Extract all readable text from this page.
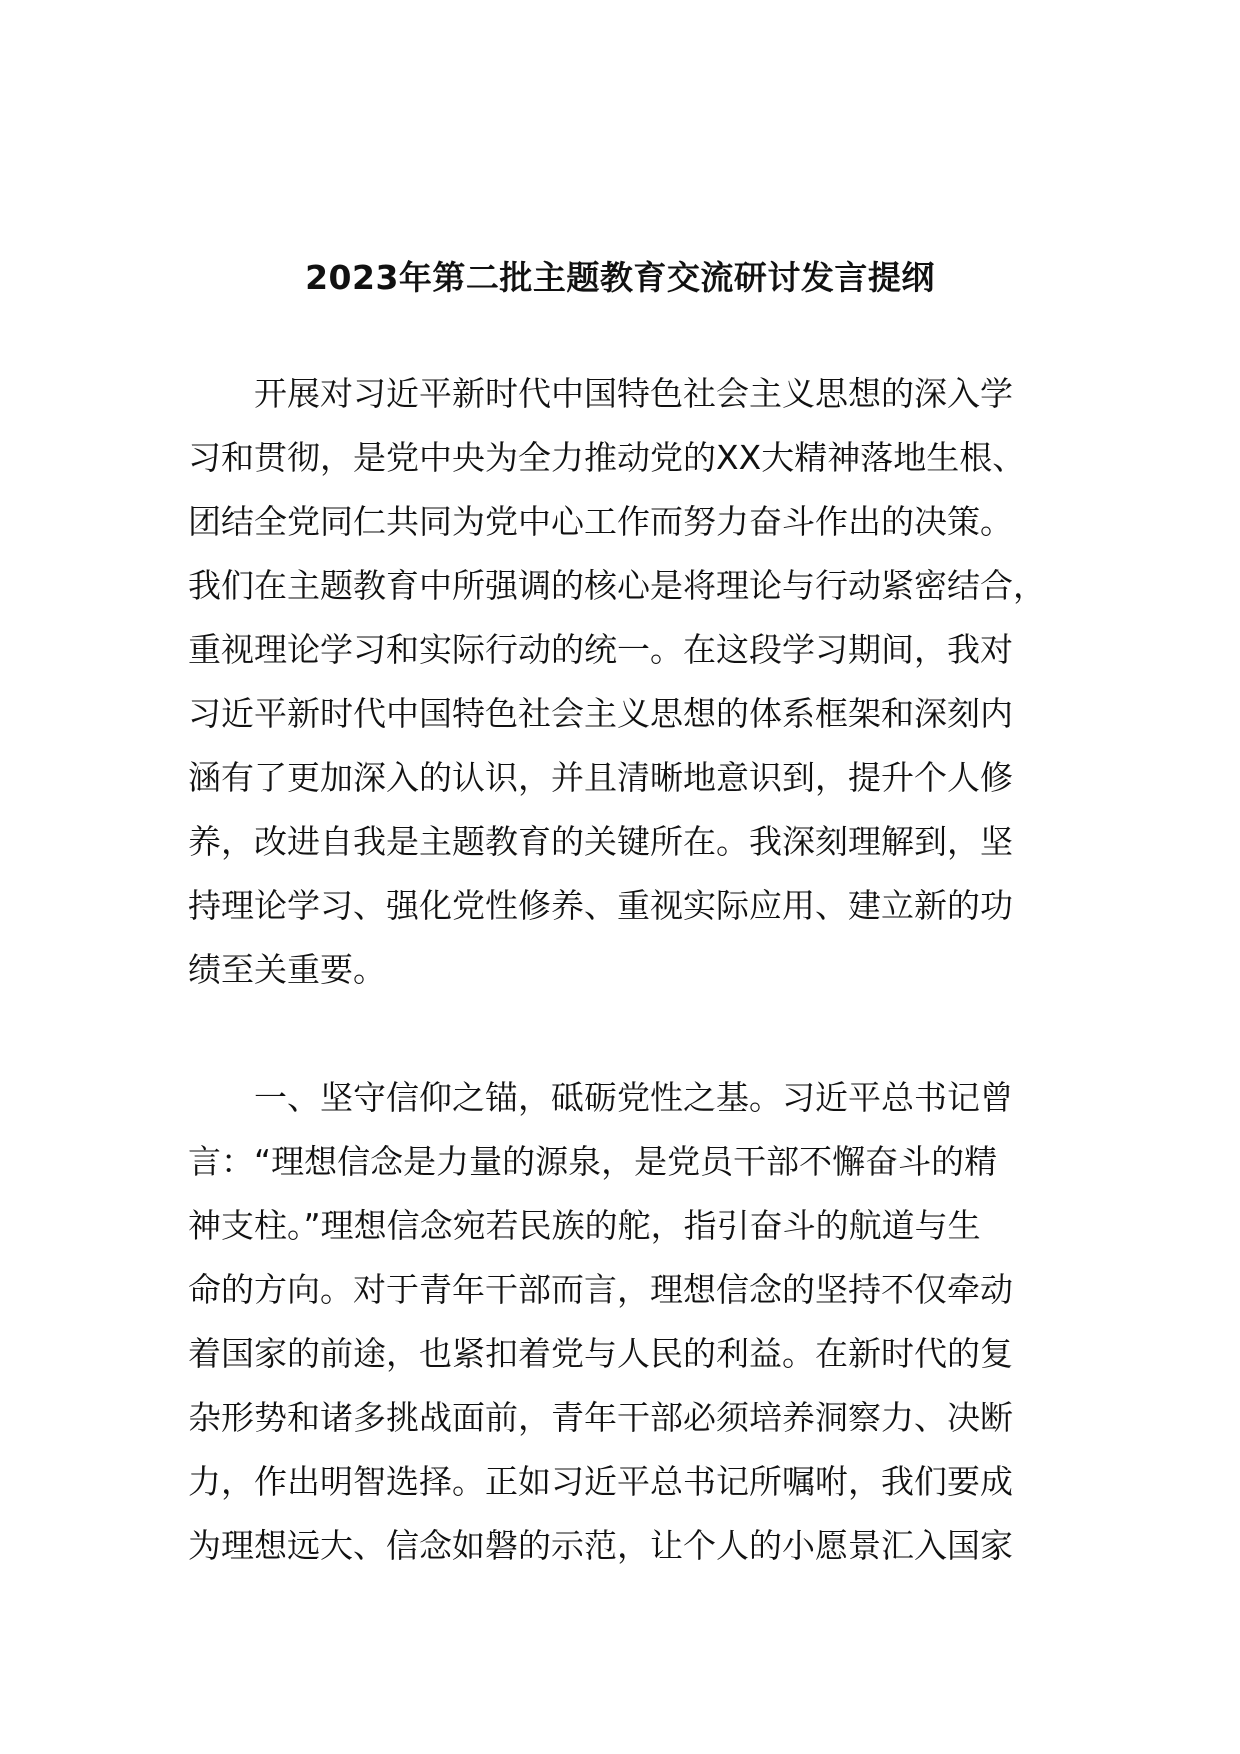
2023年第二批主题教育交流研讨发言提纲

　　开展对习近平新时代中国特色社会主义思想的深入学

习和贯彻，是党中央为全力推动党的XX大精神落地生根、

团结全党同仁共同为党中心工作而努力奋斗作出的决策。

我们在主题教育中所强调的核心是将理论与行动紧密结合，

重视理论学习和实际行动的统一。在这段学习期间，我对

习近平新时代中国特色社会主义思想的体系框架和深刻内

涵有了更加深入的认识，并且清晰地意识到，提升个人修

养，改进自我是主题教育的关键所在。我深刻理解到，坚

持理论学习、强化党性修养、重视实际应用、建立新的功

绩至关重要。

　　一、坚守信仰之锚，砥砺党性之基。习近平总书记曾

言：“理想信念是力量的源泉，是党员干部不懈奋斗的精

神支柱。”理想信念宛若民族的舵，指引奋斗的航道与生

命的方向。对于青年干部而言，理想信念的坚持不仅牵动

着国家的前途，也紧扣着党与人民的利益。在新时代的复

杂形势和诸多挑战面前，青年干部必须培养洞察力、决断

力，作出明智选择。正如习近平总书记所嘱咐，我们要成

为理想远大、信念如磐的示范，让个人的小愿景汇入国家
